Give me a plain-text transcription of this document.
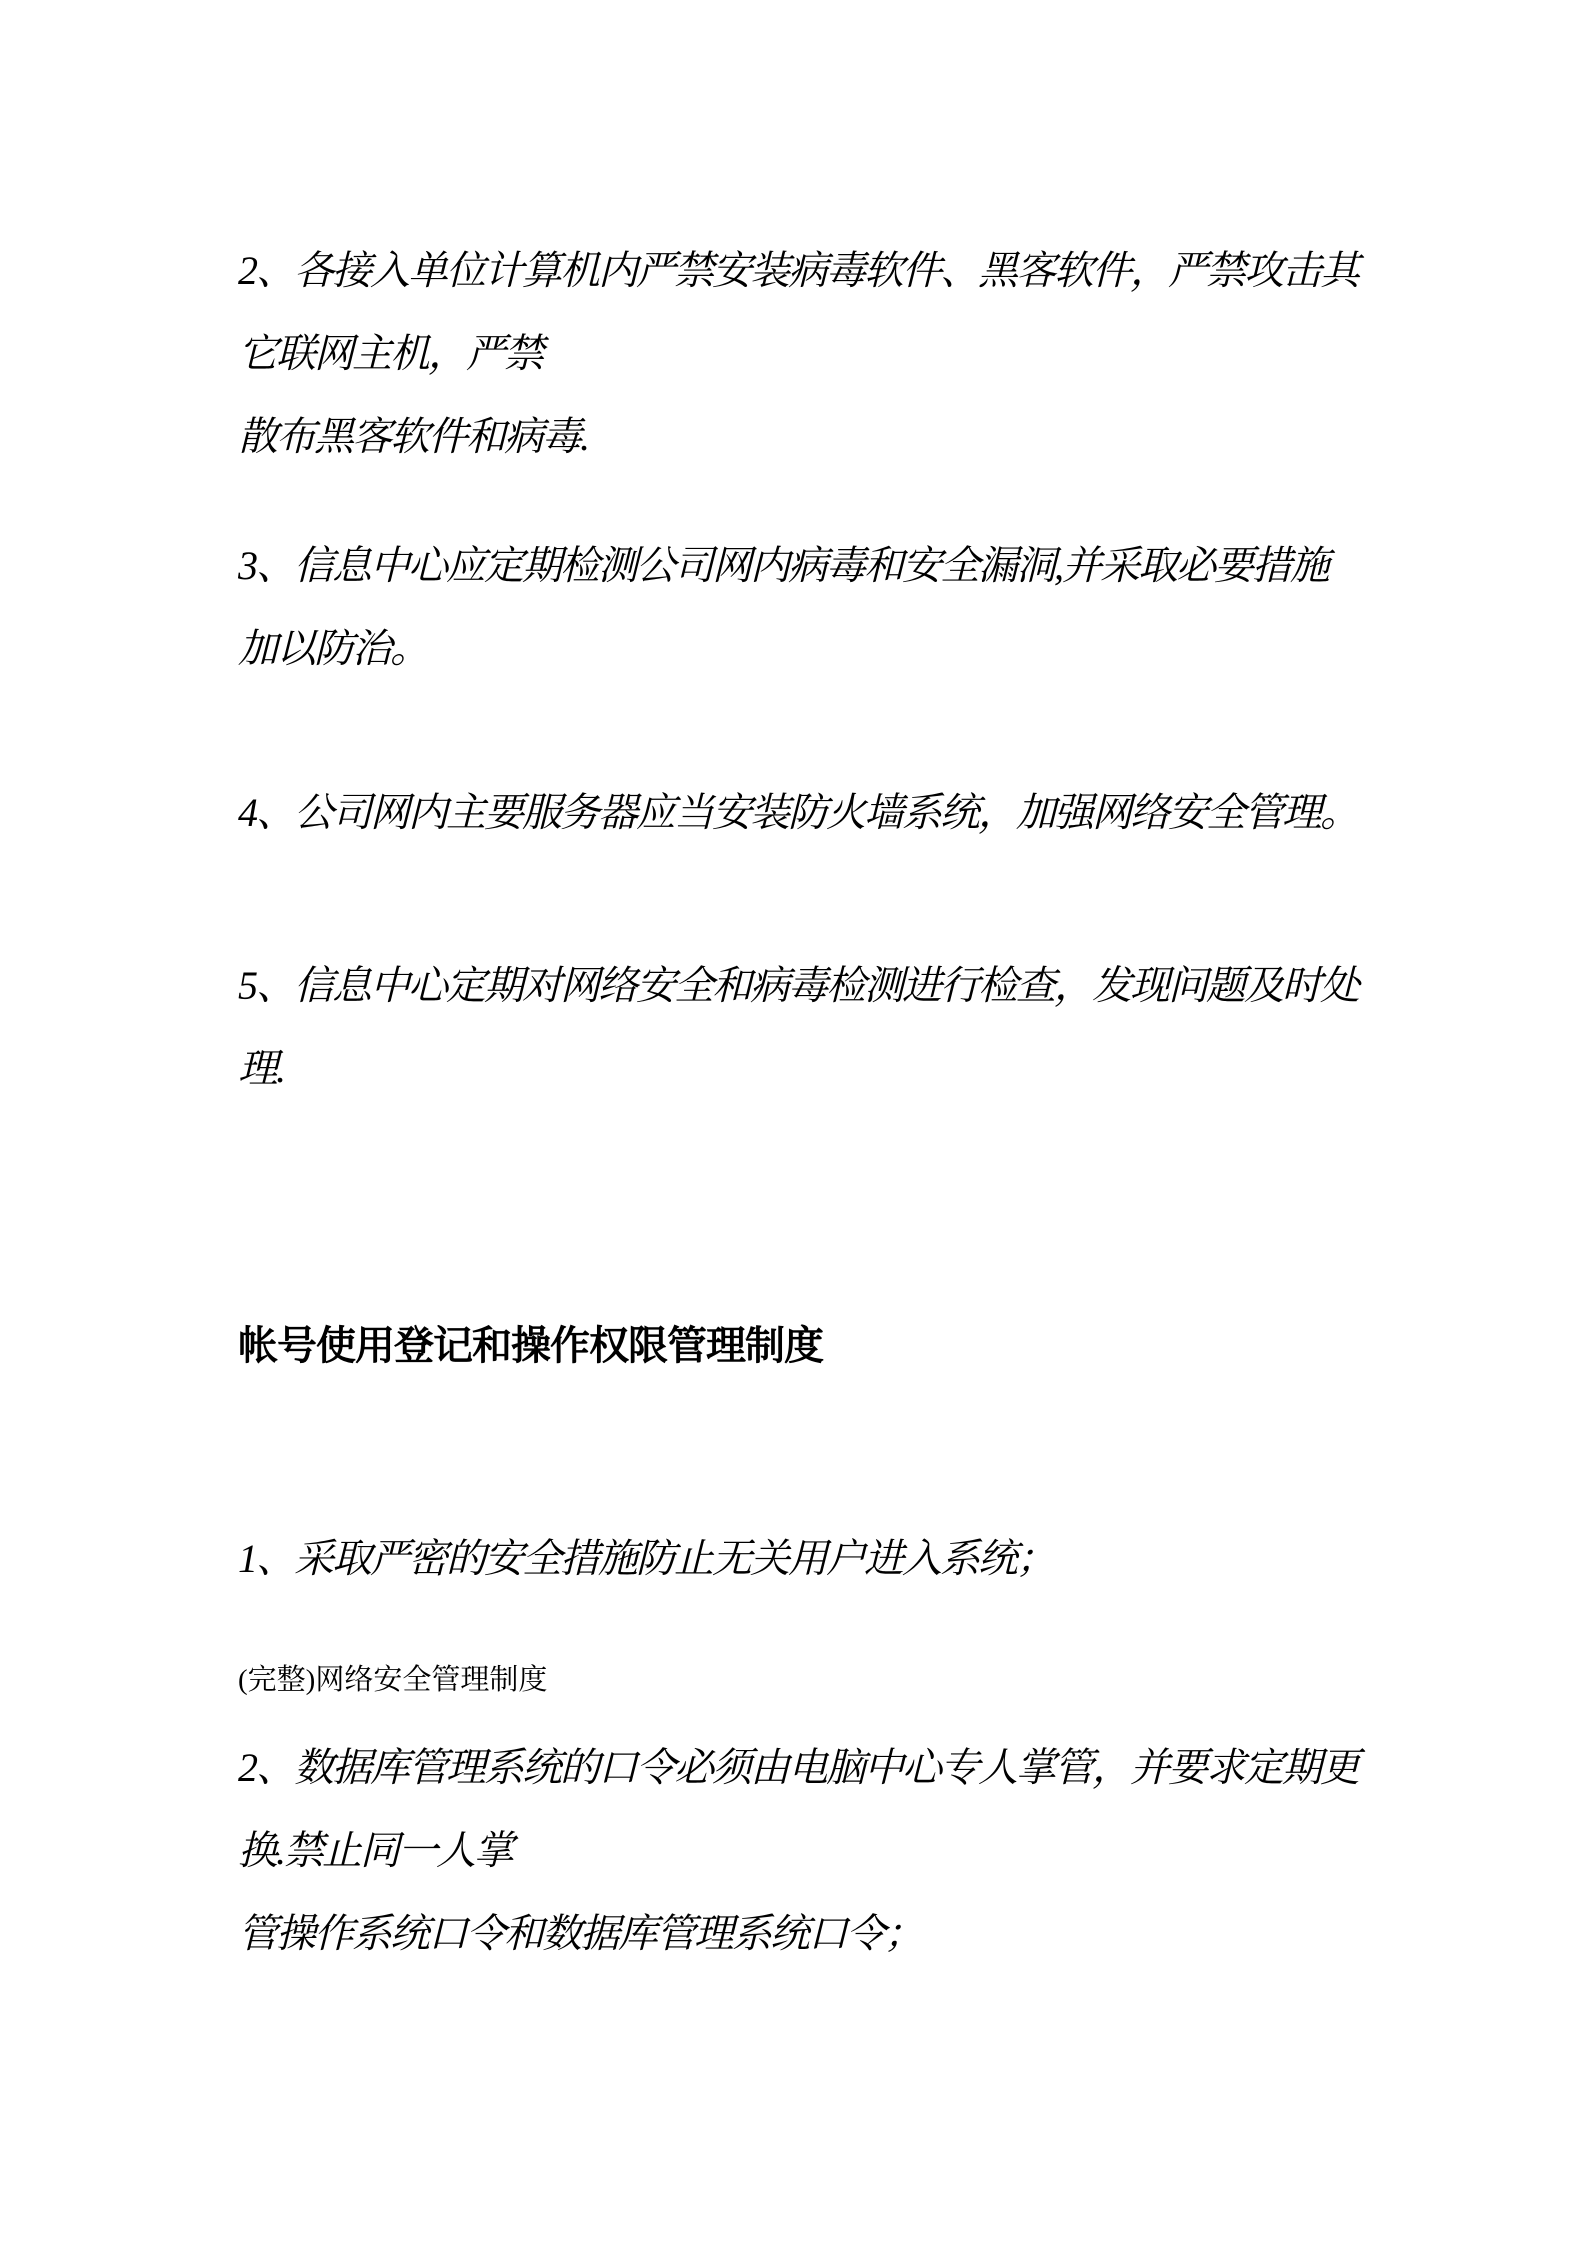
2、各接入单位计算机内严禁安装病毒软件、黑客软件，严禁攻击其
它联网主机，严禁
散布黑客软件和病毒.
3、信息中心应定期检测公司网内病毒和安全漏洞,并采取必要措施
加以防治。
4、公司网内主要服务器应当安装防火墙系统，加强网络安全管理。
5、信息中心定期对网络安全和病毒检测进行检查，发现问题及时处
理.
帐号使用登记和操作权限管理制度
1、采取严密的安全措施防止无关用户进入系统；
(完整)网络安全管理制度
2、数据库管理系统的口令必须由电脑中心专人掌管，并要求定期更
换.禁止同一人掌
管操作系统口令和数据库管理系统口令；
